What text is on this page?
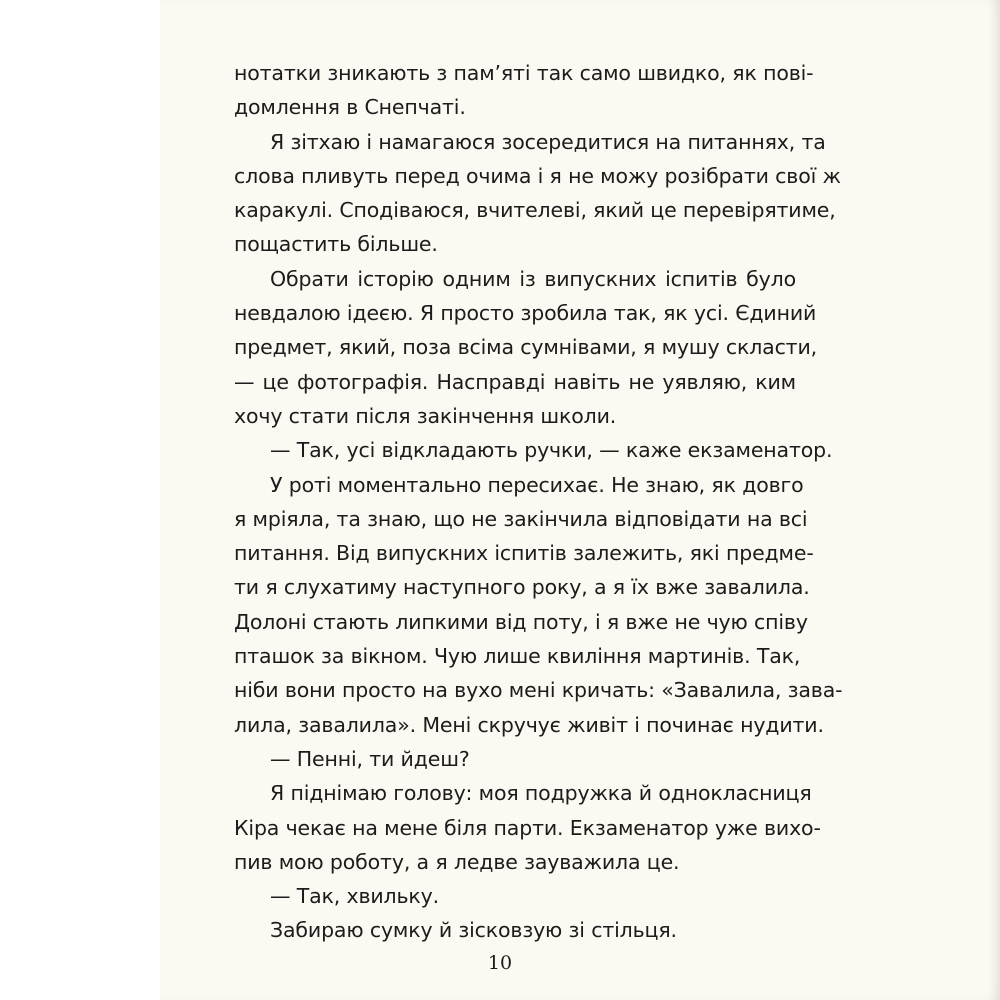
нотатки зникають з пам’яті так само швидко, як пові-
домлення в Снепчаті.
Я зітхаю і намагаюся зосередитися на питаннях, та
слова пливуть перед очима і я не можу розібрати свої ж
каракулі. Сподіваюся, вчителеві, який це перевірятиме,
пощастить більше.
Обрати історію одним із випускних іспитів було
невдалою ідеєю. Я просто зробила так, як усі. Єдиний
предмет, який, поза всіма сумнівами, я мушу скласти,
— це фотографія. Насправді навіть не уявляю, ким
хочу стати після закінчення школи.
— Так, усі відкладають ручки, — каже екзаменатор.
У роті моментально пересихає. Не знаю, як довго
я мріяла, та знаю, що не закінчила відповідати на всі
питання. Від випускних іспитів залежить, які предме-
ти я слухатиму наступного року, а я їх вже завалила.
Долоні стають липкими від поту, і я вже не чую співу
пташок за вікном. Чую лише квиління мартинів. Так,
ніби вони просто на вухо мені кричать: «Завалила, зава-
лила, завалила». Мені скручує живіт і починає нудити.
— Пенні, ти йдеш?
Я піднімаю голову: моя подружка й однокласниця
Кіра чекає на мене біля парти. Екзаменатор уже вихо-
пив мою роботу, а я ледве зауважила це.
— Так, хвильку.
Забираю сумку й зісковзую зі стільця.
10
